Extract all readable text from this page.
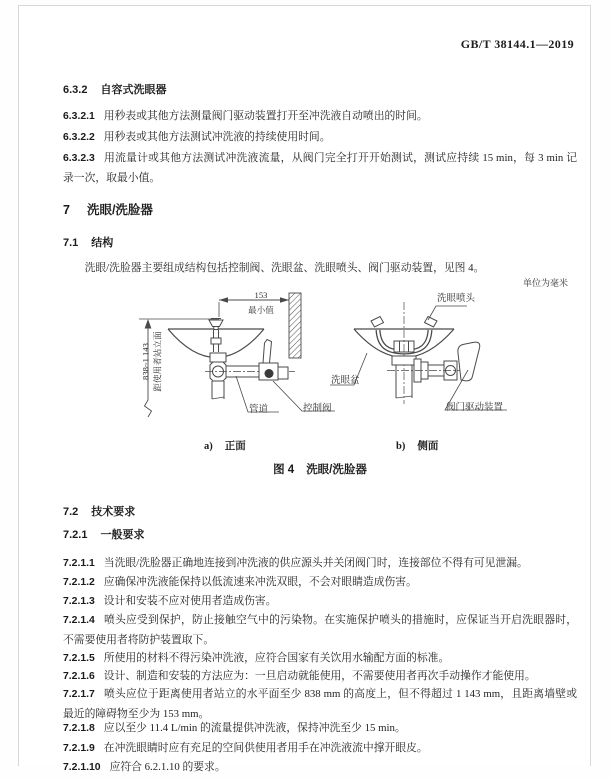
GB/T 38144.1—2019
6.3.2 自容式洗眼器

6.3.2.1 用秒表或其他方法测量阀门驱动装置打开至冲洗液自动喷出的时间。

6.3.2.2 用秒表或其他方法测试冲洗液的持续使用时间。

6.3.2.3 用流量计或其他方法测试冲洗液流量，从阀门完全打开开始测试，测试应持续 15 min，每 3 min 记录一次，取最小值。

7 洗眼/洗脸器
7.1 结构

洗眼/洗脸器主要组成结构包括控制阀、洗眼盆、洗眼喷头、阀门驱动装置，见图 4。

单位为毫米
153
最小值
838~1 143 距使用者站立面
管道	控制阀
洗眼盆
洗眼喷头
阀门驱动装置
a) 正面	b) 侧面
图 4 洗眼/洗脸器
7.2 技术要求
7.2.1 一般要求

7.2.1.1 当洗眼/洗脸器正确地连接到冲洗液的供应源头并关闭阀门时，连接部位不得有可见泄漏。

7.2.1.2 应确保冲洗液能保持以低流速来冲洗双眼，不会对眼睛造成伤害。

7.2.1.3 设计和安装不应对使用者造成伤害。

7.2.1.4 喷头应受到保护，防止接触空气中的污染物。在实施保护喷头的措施时，应保证当开启洗眼器时，不需要使用者将防护装置取下。

7.2.1.5 所使用的材料不得污染冲洗液，应符合国家有关饮用水输配方面的标准。

7.2.1.6 设计、制造和安装的方法应为：一旦启动就能使用，不需要使用者再次手动操作才能使用。

7.2.1.7 喷头应位于距离使用者站立的水平面至少 838 mm 的高度上，但不得超过 1 143 mm，且距离墙壁或最近的障碍物至少为 153 mm。

7.2.1.8 应以至少 11.4 L/min 的流量提供冲洗液，保持冲洗至少 15 min。

7.2.1.9 在冲洗眼睛时应有充足的空间供使用者用手在冲洗液流中撑开眼皮。

7.2.1.10 应符合 6.2.1.10 的要求。
